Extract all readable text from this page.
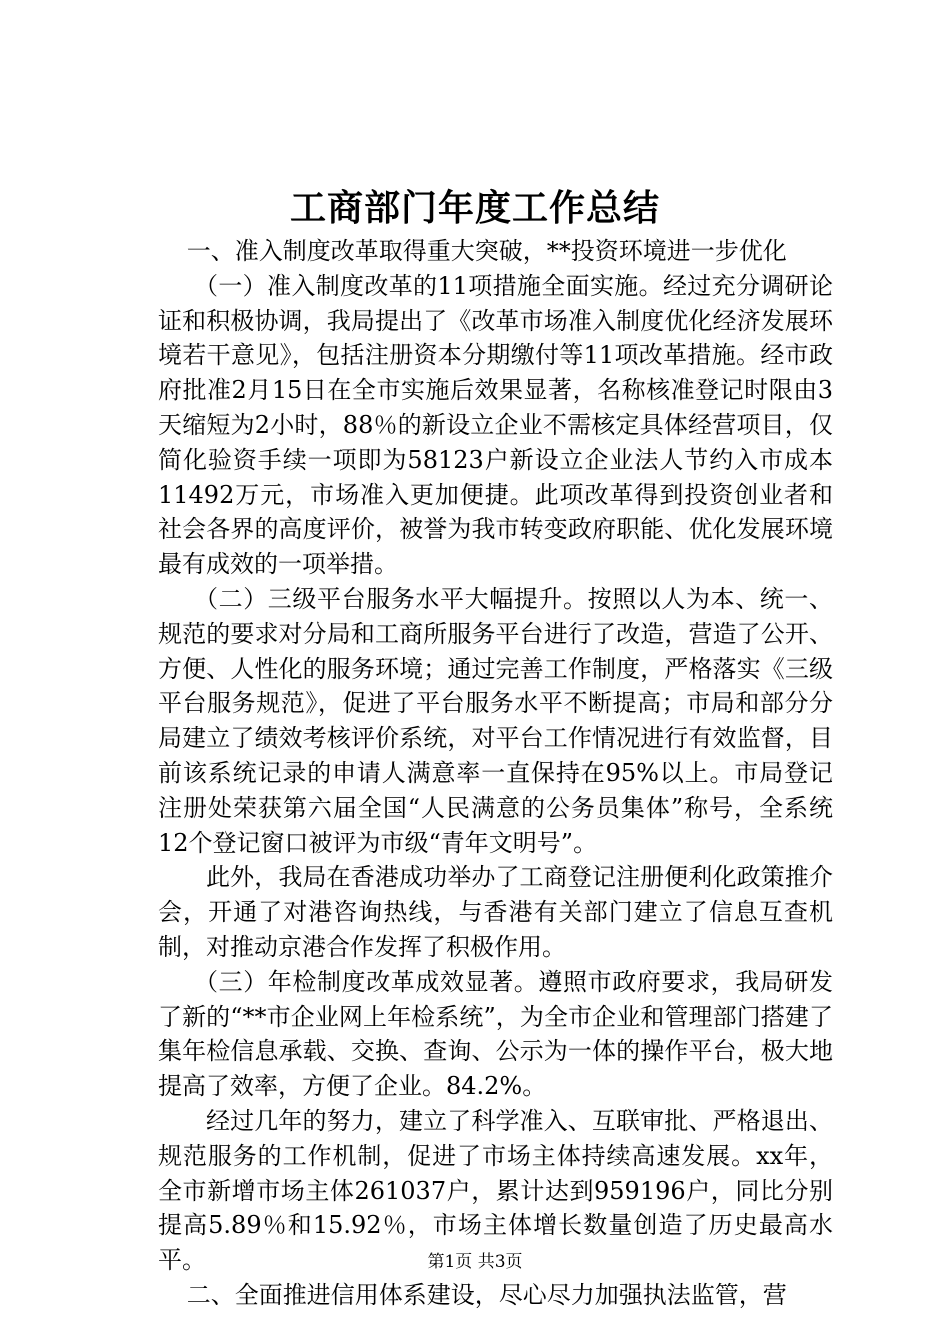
工商部门年度工作总结

一、准入制度改革取得重大突破，**投资环境进一步优化

（一）准入制度改革的11项措施全面实施。经过充分调研论证和积极协调，我局提出了《改革市场准入制度优化经济发展环境若干意见》，包括注册资本分期缴付等11项改革措施。经市政府批准2月15日在全市实施后效果显著，名称核准登记时限由3天缩短为2小时，88％的新设立企业不需核定具体经营项目，仅简化验资手续一项即为58123户新设立企业法人节约入市成本11492万元，市场准入更加便捷。此项改革得到投资创业者和社会各界的高度评价，被誉为我市转变政府职能、优化发展环境最有成效的一项举措。

（二）三级平台服务水平大幅提升。按照以人为本、统一、规范的要求对分局和工商所服务平台进行了改造，营造了公开、方便、人性化的服务环境；通过完善工作制度，严格落实《三级平台服务规范》，促进了平台服务水平不断提高；市局和部分分局建立了绩效考核评价系统，对平台工作情况进行有效监督，目前该系统记录的申请人满意率一直保持在95%以上。市局登记注册处荣获第六届全国“人民满意的公务员集体”称号，全系统12个登记窗口被评为市级“青年文明号”。

此外，我局在香港成功举办了工商登记注册便利化政策推介会，开通了对港咨询热线，与香港有关部门建立了信息互查机制，对推动京港合作发挥了积极作用。

（三）年检制度改革成效显著。遵照市政府要求，我局研发了新的“**市企业网上年检系统”，为全市企业和管理部门搭建了集年检信息承载、交换、查询、公示为一体的操作平台，极大地提高了效率，方便了企业。84.2%。

经过几年的努力，建立了科学准入、互联审批、严格退出、规范服务的工作机制，促进了市场主体持续高速发展。xx年，全市新增市场主体261037户，累计达到959196户，同比分别提高5.89％和15.92％，市场主体增长数量创造了历史最高水平。

二、全面推进信用体系建设，尽心尽力加强执法监管，营

第1页 共3页
